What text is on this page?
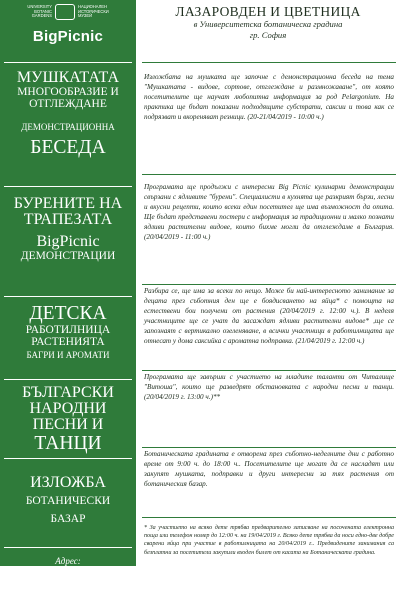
UNIVERSITY
BOTANIC
GARDENS
НАЦИОНАЛЕН
ИСТОРИЧЕСКИ
МУЗЕЙ
BigPicnic
МУШКАТАТА
МНОГООБРАЗИЕ И
ОТГЛЕЖДАНЕ
ДЕМОНСТРАЦИОННА
БЕСЕДА
БУРЕНИТЕ НА
ТРАПЕЗАТА
BigPicnic
ДЕМОНСТРАЦИИ
ДЕТСКА
РАБОТИЛНИЦА
РАСТЕНИЯТА
БАГРИ И АРОМАТИ
БЪЛГАРСКИ
НАРОДНИ
ПЕСНИ И
ТАНЦИ
ИЗЛОЖБА
БОТАНИЧЕСКИ
БАЗАР
Адрес:
ул. Московска №49
Email: ubg_sofia@abv.bg
Телефон:
0879140535
ЛАЗАРОВДЕН И ЦВЕТНИЦА
в Университетска ботаническа градина
гр. София
Изложбата на мушката ще започне с демонстрационна беседа на тема "Мушкатата - видове, сортове, отглеждане и размножаване", от която посетителите ще научат любопитна информация за род Pelargonium. На практика ще бъдат показани подходящите субстрати, саксии и това как се подрязват и вкореняват резници. (20-21/04/2019 - 10:00 ч.)
Програмата ще продължи с интересни Big Picnic кулинарни демонстрации свързани с ядливите "бурени". Специалисти в кухнята ще разкрият бързи, лесни и вкусни рецепти, които всеки един посетител ще има възможност да опита. Ще бъдат представени постери с информация за традиционни и малко познати ядливи растителни видове, които бихме могли да отглеждаме в България. (20/04/2019 - 11:00 ч.)
Разбира се, ще има за всеки по нещо. Може би най-интересното занимание за децата през съботния ден ще е боядисването на яйца* с помощта на естествени бои получени от растения (20/04/2019 г. 12:00 ч.). В неделя участниците ще се учат да засаждат ядливи растителни видове* ,ще се запознаят с вертикално озеленяване, в всички участници в работилницата ще отнесат у дома саксийка с ароматна подправка. (21/04/2019 г. 12:00 ч.)
Програмата ще завърши с участието на младите таланти от Читалище "Витоша", които ще разведрят обстановката с народни песни и танци.(20/04/2019 г. 13:00 ч.)**
Ботаническата градината е отворена през съботно-неделните дни с работно време от 9:00 ч. до 18:00 ч.. Посетителите ще могат да се насладят или закупят мушката, подправки и други интересни за тях растения от ботаническия базар.
* За участието на всяко дете трябва предварително записване на посочената електронна поща или телефон номер до 12:00 ч. на 19/04/2019 г. Всяко дете трябва да носи едно-две добре сварени яйца при участие в работилницата на 20/04/2019 г.. Предвидените занимания са безплатни за посетители закупили входен билет от касата на Ботаническата градина.
